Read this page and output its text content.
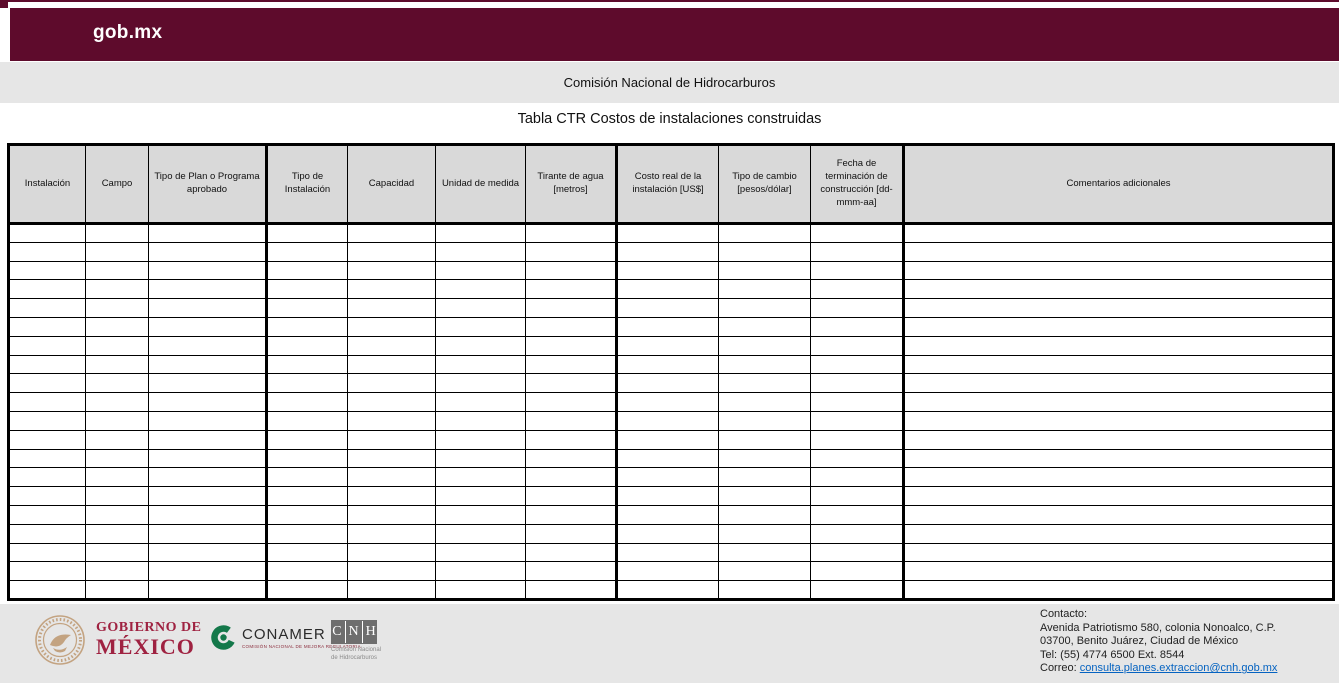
gob.mx
Comisión Nacional de Hidrocarburos
Tabla CTR Costos de instalaciones construidas
Instalación	Campo	Tipo de Plan o Programa aprobado	Tipo de Instalación	Capacidad	Unidad de medida	Tirante de agua [metros]	Costo real de la instalación [US$]	Tipo de cambio [pesos/dólar]	Fecha de terminación de construcción [dd-mmm-aa]	Comentarios adicionales

GOBIERNO DE
MÉXICO	CONAMER
COMISIÓN NACIONAL DE MEJORA REGULATORIA
C N H
Comisión Nacional
de Hidrocarburos
Contacto:
Avenida Patriotismo 580, colonia Nonoalco, C.P.
03700, Benito Juárez, Ciudad de México
Tel: (55) 4774 6500 Ext. 8544
Correo: consulta.planes.extraccion@cnh.gob.mx
